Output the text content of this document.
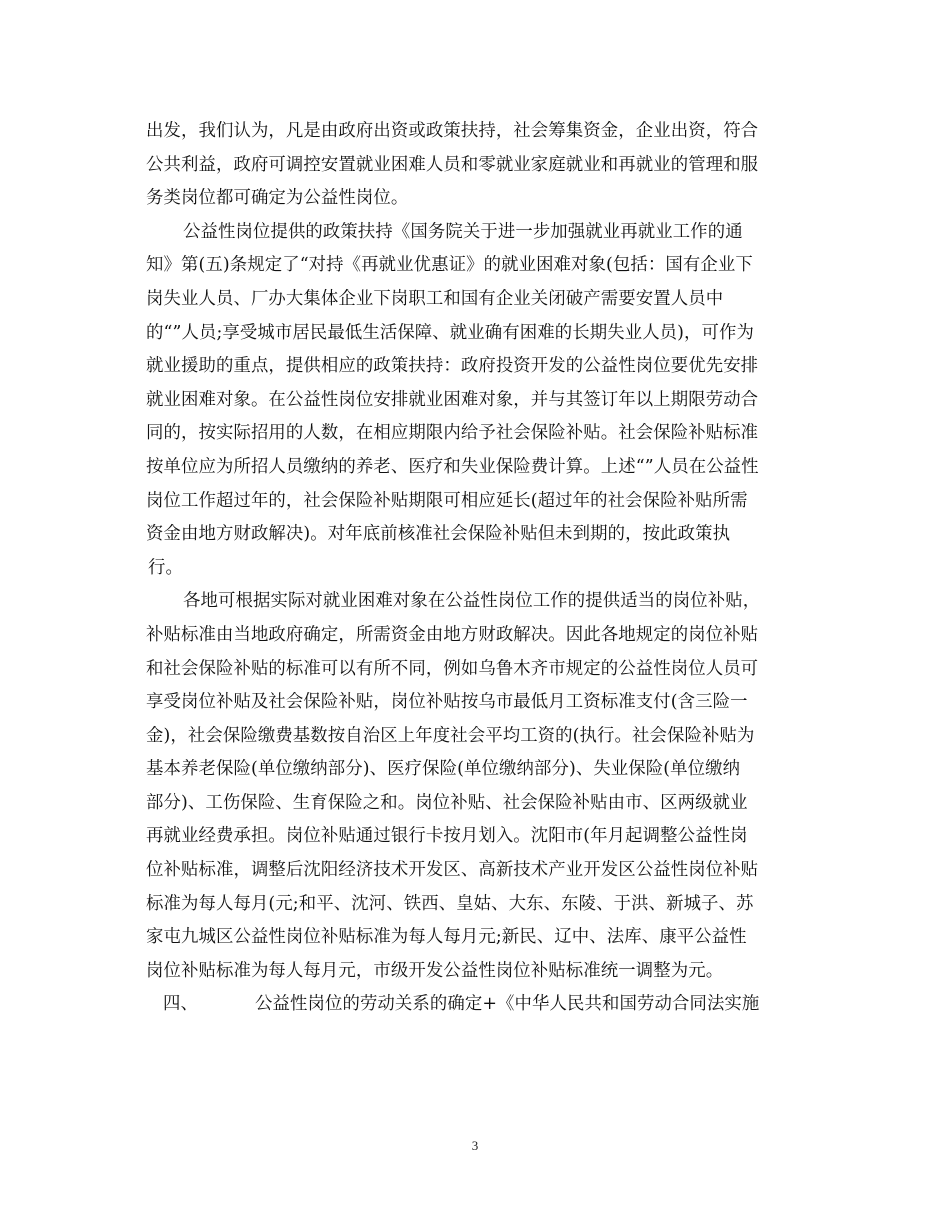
出发，我们认为，凡是由政府出资或政策扶持，社会筹集资金，企业出资，符合
公共利益，政府可调控安置就业困难人员和零就业家庭就业和再就业的管理和服
务类岗位都可确定为公益性岗位。
公益性岗位提供的政策扶持《国务院关于进一步加强就业再就业工作的通
知》第(五)条规定了“对持《再就业优惠证》的就业困难对象(包括：国有企业下
岗失业人员、厂办大集体企业下岗职工和国有企业关闭破产需要安置人员中
的“”人员;享受城市居民最低生活保障、就业确有困难的长期失业人员)，可作为
就业援助的重点，提供相应的政策扶持：政府投资开发的公益性岗位要优先安排
就业困难对象。在公益性岗位安排就业困难对象，并与其签订年以上期限劳动合
同的，按实际招用的人数，在相应期限内给予社会保险补贴。社会保险补贴标准
按单位应为所招人员缴纳的养老、医疗和失业保险费计算。上述“”人员在公益性
岗位工作超过年的，社会保险补贴期限可相应延长(超过年的社会保险补贴所需
资金由地方财政解决)。对年底前核准社会保险补贴但未到期的，按此政策执
行。
各地可根据实际对就业困难对象在公益性岗位工作的提供适当的岗位补贴，
补贴标准由当地政府确定，所需资金由地方财政解决。因此各地规定的岗位补贴
和社会保险补贴的标准可以有所不同，例如乌鲁木齐市规定的公益性岗位人员可
享受岗位补贴及社会保险补贴，岗位补贴按乌市最低月工资标准支付(含三险一
金)，社会保险缴费基数按自治区上年度社会平均工资的(执行。社会保险补贴为
基本养老保险(单位缴纳部分)、医疗保险(单位缴纳部分)、失业保险(单位缴纳
部分)、工伤保险、生育保险之和。岗位补贴、社会保险补贴由市、区两级就业
再就业经费承担。岗位补贴通过银行卡按月划入。沈阳市(年月起调整公益性岗
位补贴标准，调整后沈阳经济技术开发区、高新技术产业开发区公益性岗位补贴
标准为每人每月(元;和平、沈河、铁西、皇姑、大东、东陵、于洪、新城子、苏
家屯九城区公益性岗位补贴标准为每人每月元;新民、辽中、法库、康平公益性
岗位补贴标准为每人每月元，市级开发公益性岗位补贴标准统一调整为元。
四、	公益性岗位的劳动关系的确定+《中华人民共和国劳动合同法实施
3
